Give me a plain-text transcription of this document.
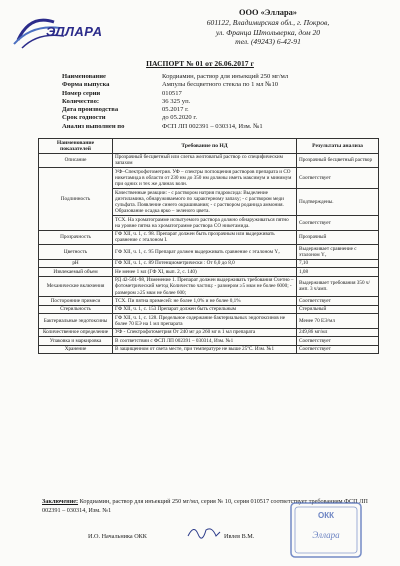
ЭЛЛАРА
ООО «Эллара»
601122, Владимирская обл., г. Покров,
ул. Франца Штольверка, дом 20
тел. (49243) 6-42-91
ПАСПОРТ № 01 от 26.06.2017 г
Наименование	Кордиамин, раствор для инъекций 250 мг/мл
Форма выпуска	Ампулы бесцветного стекла по 1 мл №10
Номер серии	010517
Количество:	36 325 уп.
Дата производства	05.2017 г.
Срок годности	до 05.2020 г.
Анализ выполнен по	ФСП ЛП 002391 – 030314, Изм. №1
Наименование показателей	Требование по НД	Результаты анализа
Описание	Прозрачный бесцветный или слегка желтоватый раствор со специфическим запахом	Прозрачный бесцветный раствор
Подлинность	УФ–Спектрофотометрия. УФ – спектры поглощения растворов препарата и СО никетамида в области от 230 нм до 350 нм должны иметь максимум и минимум при одних и тех же длинах волн.	Соответствует
	Качественные реакции: - с раствором натрия гидроксида: Выделение диэтиламина, обнаруживаемого по характерному запаху; - с раствором меди сульфата. Появление синего окрашивания; - с раствором роданида аммония. Образование осадка ярко – зеленого цвета.	Подтверждены.
	ТСХ. На хроматограмме испытуемого раствора должно обнаруживаться пятно на уровне пятна на хроматограмме раствора СО никетамида.	Соответствует
Прозрачность	ГФ XII, ч. 1, с. 98. Препарат должен быть прозрачным или выдерживать сравнение с эталоном I.	Прозрачный
Цветность	ГФ XII, ч. 1, с. 95 Препарат должен выдерживать сравнение с эталоном Y₇	Выдерживает сравнение с эталоном Y₇
pH	ГФ XII, ч. 1, с. 89 Потенциометрически : От 6,0 до 8,0	7,10
Извлекаемый объем	Не менее 1 мл (ГФ XI, вып. 2, с. 140)	1,08
Механические включения	РД 42-501-98, Изменение 1. Препарат должен выдерживать требования Счетно – фотометрический метод Количество частиц: - размером ≥5 мкм не более 6000; - размером ≥25 мкм не более 600;	Выдерживает требования 350 ч/амп. 3 ч/амп.
Посторонние примеси	ТСХ. Пи пятна примесей: не более 1,0% и не более 0,1%	Соответствует
Стерильность	ГФ XII, ч. 1, с. 153 Препарат должен быть стерильным	Стерильный
Бактериальные эндотоксины	ГФ XII, ч. 1, с. 128. Предельное содержание бактериальных эндотоксинов не более 70 ЕЭ на 1 мл препарата	Менее 70 ЕЭ/мл
Количественное определение	УФ - Спектрофотометрия От 240 мг до 260 мг в 1 мл препарата	249,86 мг/мл
Упаковка и маркировка	В соответствии с ФСП ЛП 002391 – 030314, Изм. №1	Соответствует
Хранение	В защищенном от света месте, при температуре не выше 25ºС. Изм. №1	Соответствует
Заключение: Кордиамин, раствор для инъекций 250 мг/мл, серия № 10, серия 010517 соответствует требованиям ФСП ЛП 002391 – 030314, Изм. №1
И.О. Начальника ОКК	Ивлев В.М.
ОКК
Эллара
